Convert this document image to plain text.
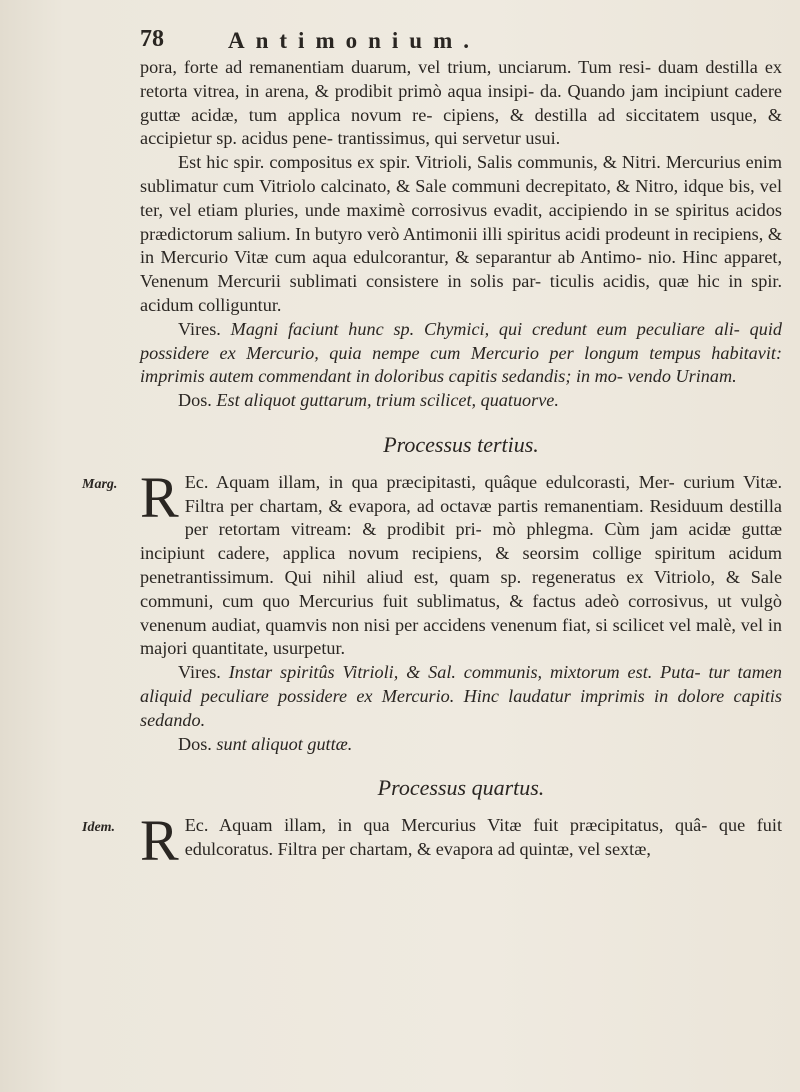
78	Antimonium.

pora, forte ad remanentiam duarum, vel trium, unciarum. Tum resi- duam destilla ex retorta vitrea, in arena, & prodibit primò aqua insipi- da. Quando jam incipiunt cadere guttæ acidæ, tum applica novum re- cipiens, & destilla ad siccitatem usque, & accipietur sp. acidus pene- trantissimus, qui servetur usui.

Est hic spir. compositus ex spir. Vitrioli, Salis communis, & Nitri. Mercurius enim sublimatur cum Vitriolo calcinato, & Sale communi decrepitato, & Nitro, idque bis, vel ter, vel etiam pluries, unde maximè corrosivus evadit, accipiendo in se spiritus acidos prædictorum salium. In butyro verò Antimonii illi spiritus acidi prodeunt in recipiens, & in Mercurio Vitæ cum aqua edulcorantur, & separantur ab Antimo- nio. Hinc apparet, Venenum Mercurii sublimati consistere in solis par- ticulis acidis, quæ hic in spir. acidum colliguntur.

Vires. Magni faciunt hunc sp. Chymici, qui credunt eum peculiare ali- quid possidere ex Mercurio, quia nempe cum Mercurio per longum tempus habitavit: imprimis autem commendant in doloribus capitis sedandis; in mo- vendo Urinam.

Dos. Est aliquot guttarum, trium scilicet, quatuorve.

Processus tertius.

Marg. R Ec. Aquam illam, in qua præcipitasti, quâque edulcorasti, Mer- curium Vitæ. Filtra per chartam, & evapora, ad octavæ partis remanentiam. Residuum destilla per retortam vitream: & prodibit pri- mò phlegma. Cùm jam acidæ guttæ incipiunt cadere, applica novum recipiens, & seorsim collige spiritum acidum penetrantissimum. Qui nihil aliud est, quam sp. regeneratus ex Vitriolo, & Sale communi, cum quo Mercurius fuit sublimatus, & factus adeò corrosivus, ut vulgò venenum audiat, quamvis non nisi per accidens venenum fiat, si scilicet vel malè, vel in majori quantitate, usurpetur.

Vires. Instar spiritûs Vitrioli, & Sal. communis, mixtorum est. Puta- tur tamen aliquid peculiare possidere ex Mercurio. Hinc laudatur imprimis in dolore capitis sedando.

Dos. sunt aliquot guttæ.

Processus quartus.

Idem. R Ec. Aquam illam, in qua Mercurius Vitæ fuit præcipitatus, quâ- que fuit edulcoratus. Filtra per chartam, & evapora ad quintæ, vel sextæ,
